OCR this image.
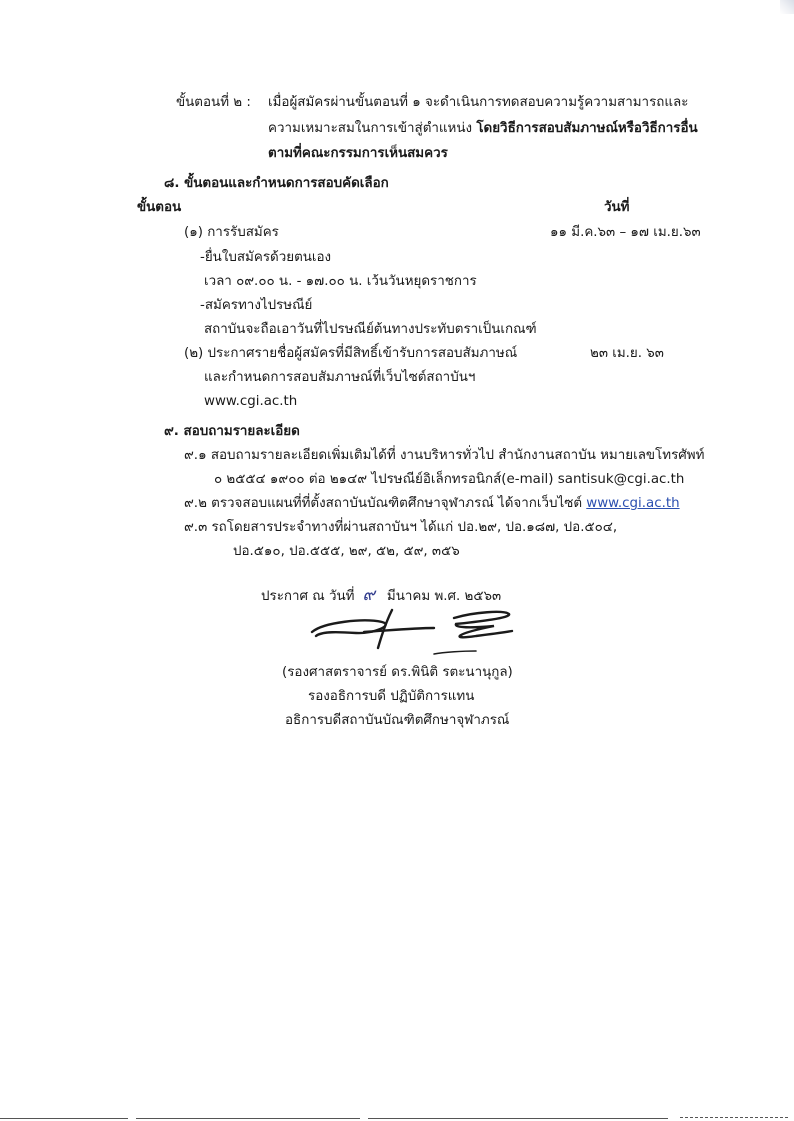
ขั้นตอนที่ ๒ : เมื่อผู้สมัครผ่านขั้นตอนที่ ๑ จะดำเนินการทดสอบความรู้ความสามารถและ
ความเหมาะสมในการเข้าสู่ตำแหน่ง โดยวิธีการสอบสัมภาษณ์หรือวิธีการอื่น
ตามที่คณะกรรมการเห็นสมควร
๘. ขั้นตอนและกำหนดการสอบคัดเลือก
ขั้นตอน	วันที่
(๑) การรับสมัคร	๑๑ มี.ค.๖๓ – ๑๗ เม.ย.๖๓
-ยื่นใบสมัครด้วยตนเอง
เวลา ๐๙.๐๐ น. - ๑๗.๐๐ น. เว้นวันหยุดราชการ
-สมัครทางไปรษณีย์
สถาบันจะถือเอาวันที่ไปรษณีย์ต้นทางประทับตราเป็นเกณฑ์
(๒) ประกาศรายชื่อผู้สมัครที่มีสิทธิ์เข้ารับการสอบสัมภาษณ์	๒๓ เม.ย. ๖๓
และกำหนดการสอบสัมภาษณ์ที่เว็บไซต์สถาบันฯ
www.cgi.ac.th
๙. สอบถามรายละเอียด
๙.๑ สอบถามรายละเอียดเพิ่มเติมได้ที่ งานบริหารทั่วไป สำนักงานสถาบัน หมายเลขโทรศัพท์
๐ ๒๕๕๔ ๑๙๐๐ ต่อ ๒๑๔๙ ไปรษณีย์อิเล็กทรอนิกส์(e-mail) santisuk@cgi.ac.th
๙.๒ ตรวจสอบแผนที่ที่ตั้งสถาบันบัณฑิตศึกษาจุฬาภรณ์ ได้จากเว็บไซต์ www.cgi.ac.th
๙.๓ รถโดยสารประจำทางที่ผ่านสถาบันฯ ได้แก่ ปอ.๒๙, ปอ.๑๘๗, ปอ.๕๐๔,
ปอ.๕๑๐, ปอ.๕๕๕, ๒๙, ๕๒, ๕๙, ๓๕๖
ประกาศ ณ วันที่ ๙ มีนาคม พ.ศ. ๒๕๖๓
(รองศาสตราจารย์ ดร.พินิติ รตะนานุกูล)
รองอธิการบดี ปฏิบัติการแทน
อธิการบดีสถาบันบัณฑิตศึกษาจุฬาภรณ์
